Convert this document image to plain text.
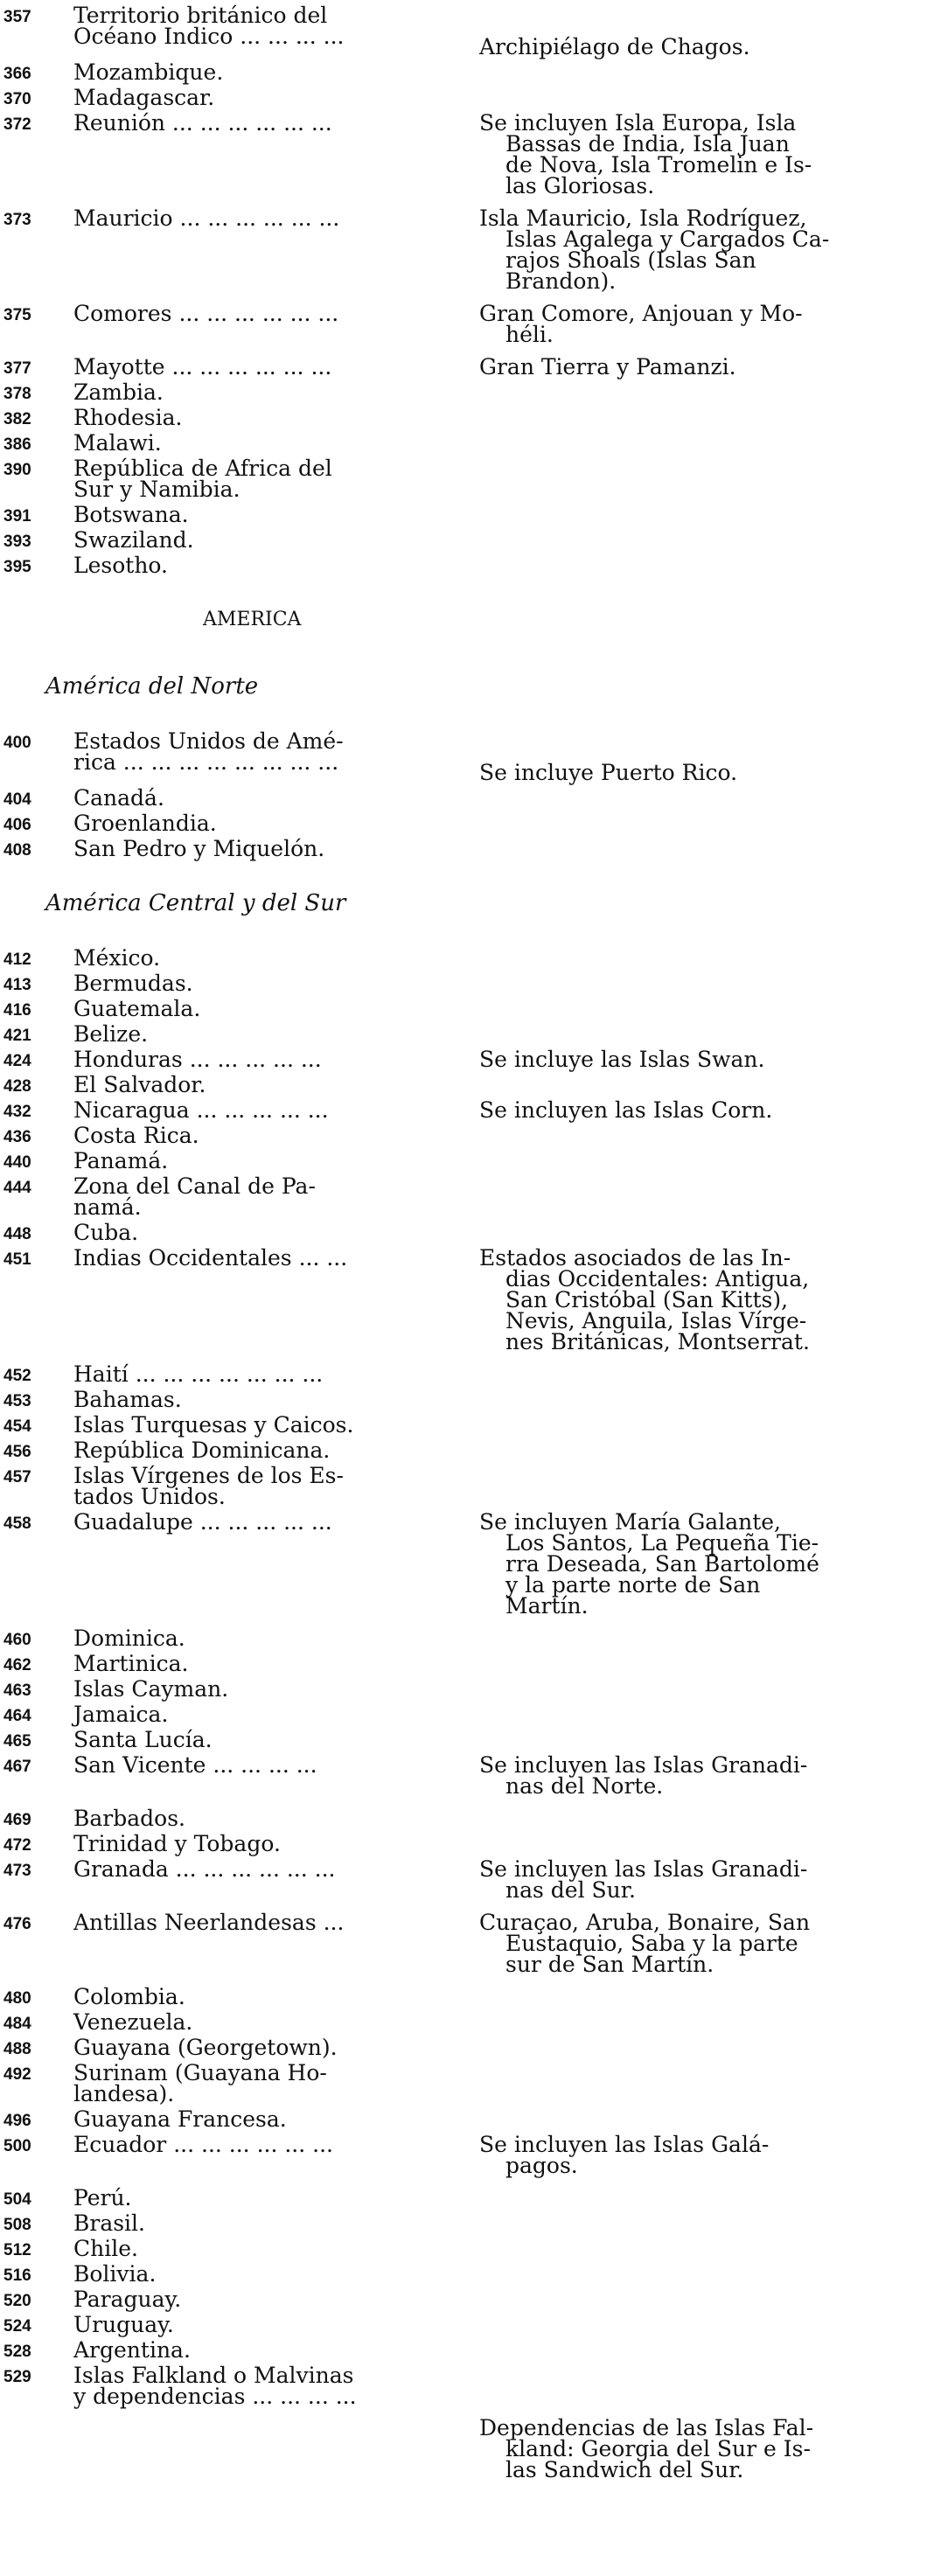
357	Territorio británico del
Océano Indico ... ... ... ...	Archipiélago de Chagos.
366	Mozambique.
370	Madagascar.
372	Reunión ... ... ... ... ... ...	Se incluyen Isla Europa, Isla
Bassas de India, Isla Juan
de Nova, Isla Tromelin e Is-
las Gloriosas.
373	Mauricio ... ... ... ... ... ...	Isla Mauricio, Isla Rodríguez,
Islas Agalega y Cargados Ca-
rajos Shoals (Islas San
Brandon).
375	Comores ... ... ... ... ... ...	Gran Comore, Anjouan y Mo-
héli.
377	Mayotte ... ... ... ... ... ...	Gran Tierra y Pamanzi.
378	Zambia.
382	Rhodesia.
386	Malawi.
390	República de Africa del
Sur y Namibia.
391	Botswana.
393	Swaziland.
395	Lesotho.
AMERICA
América del Norte
400	Estados Unidos de Amé-
rica ... ... ... ... ... ... ... ...	Se incluye Puerto Rico.
404	Canadá.
406	Groenlandia.
408	San Pedro y Miquelón.
América Central y del Sur
412	México.
413	Bermudas.
416	Guatemala.
421	Belize.
424	Honduras ... ... ... ... ...	Se incluye las Islas Swan.
428	El Salvador.
432	Nicaragua ... ... ... ... ...	Se incluyen las Islas Corn.
436	Costa Rica.
440	Panamá.
444	Zona del Canal de Pa-
namá.
448	Cuba.
451	Indias Occidentales ... ...	Estados asociados de las In-
dias Occidentales: Antigua,
San Cristóbal (San Kitts),
Nevis, Anguila, Islas Vírge-
nes Británicas, Montserrat.
452	Haití ... ... ... ... ... ... ...
453	Bahamas.
454	Islas Turquesas y Caicos.
456	República Dominicana.
457	Islas Vírgenes de los Es-
tados Unidos.
458	Guadalupe ... ... ... ... ...	Se incluyen María Galante,
Los Santos, La Pequeña Tie-
rra Deseada, San Bartolomé
y la parte norte de San
Martín.
460	Dominica.
462	Martinica.
463	Islas Cayman.
464	Jamaica.
465	Santa Lucía.
467	San Vicente ... ... ... ...	Se incluyen las Islas Granadi-
nas del Norte.
469	Barbados.
472	Trinidad y Tobago.
473	Granada ... ... ... ... ... ...	Se incluyen las Islas Granadi-
nas del Sur.
476	Antillas Neerlandesas ...	Curaçao, Aruba, Bonaire, San
Eustaquio, Saba y la parte
sur de San Martín.
480	Colombia.
484	Venezuela.
488	Guayana (Georgetown).
492	Surinam (Guayana Ho-
landesa).
496	Guayana Francesa.
500	Ecuador ... ... ... ... ... ...	Se incluyen las Islas Galá-
pagos.
504	Perú.
508	Brasil.
512	Chile.
516	Bolivia.
520	Paraguay.
524	Uruguay.
528	Argentina.
529	Islas Falkland o Malvinas
y dependencias ... ... ... ...
Dependencias de las Islas Fal-
kland: Georgia del Sur e Is-
las Sandwich del Sur.
